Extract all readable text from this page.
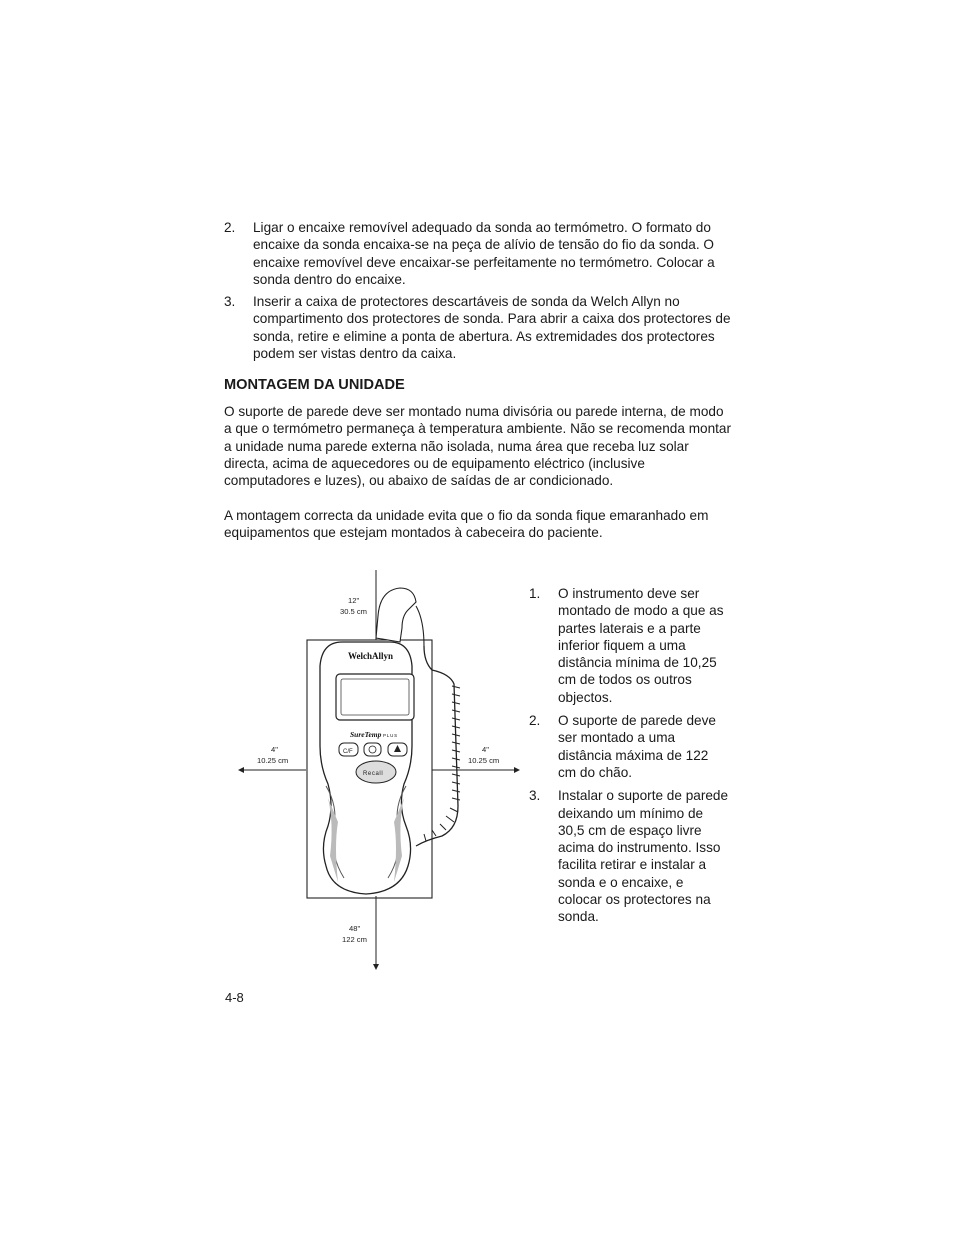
2. Ligar o encaixe removível adequado da sonda ao termómetro. O formato do encaixe da sonda encaixa-se na peça de alívio de tensão do fio da sonda. O encaixe removível deve encaixar-se perfeitamente no termómetro. Colocar a sonda dentro do encaixe.
3. Inserir a caixa de protectores descartáveis de sonda da Welch Allyn no compartimento dos protectores de sonda. Para abrir a caixa dos protectores de sonda, retire e elimine a ponta de abertura. As extremidades dos protectores podem ser vistas dentro da caixa.
MONTAGEM DA UNIDADE

O suporte de parede deve ser montado numa divisória ou parede interna, de modo a que o termómetro permaneça à temperatura ambiente. Não se recomenda montar a unidade numa parede externa não isolada, numa área que receba luz solar directa, acima de aquecedores ou de equipamento eléctrico (inclusive computadores e luzes), ou abaixo de saídas de ar condicionado.

A montagem correcta da unidade evita que o fio da sonda fique emaranhado em equipamentos que estejam montados à cabeceira do paciente.

WelchAllyn
SureTemp PLUS
C/F
Recall
12"
30.5 cm
4"
10.25 cm
4"
10.25 cm
48"
122 cm
1. O instrumento deve ser montado de modo a que as partes laterais e a parte inferior fiquem a uma distância mínima de 10,25 cm de todos os outros objectos.
2. O suporte de parede deve ser montado a uma distância máxima de 122 cm do chão.
3. Instalar o suporte de parede deixando um mínimo de 30,5 cm de espaço livre acima do instrumento. Isso facilita retirar e instalar a sonda e o encaixe, e colocar os protectores na sonda.
4-8
